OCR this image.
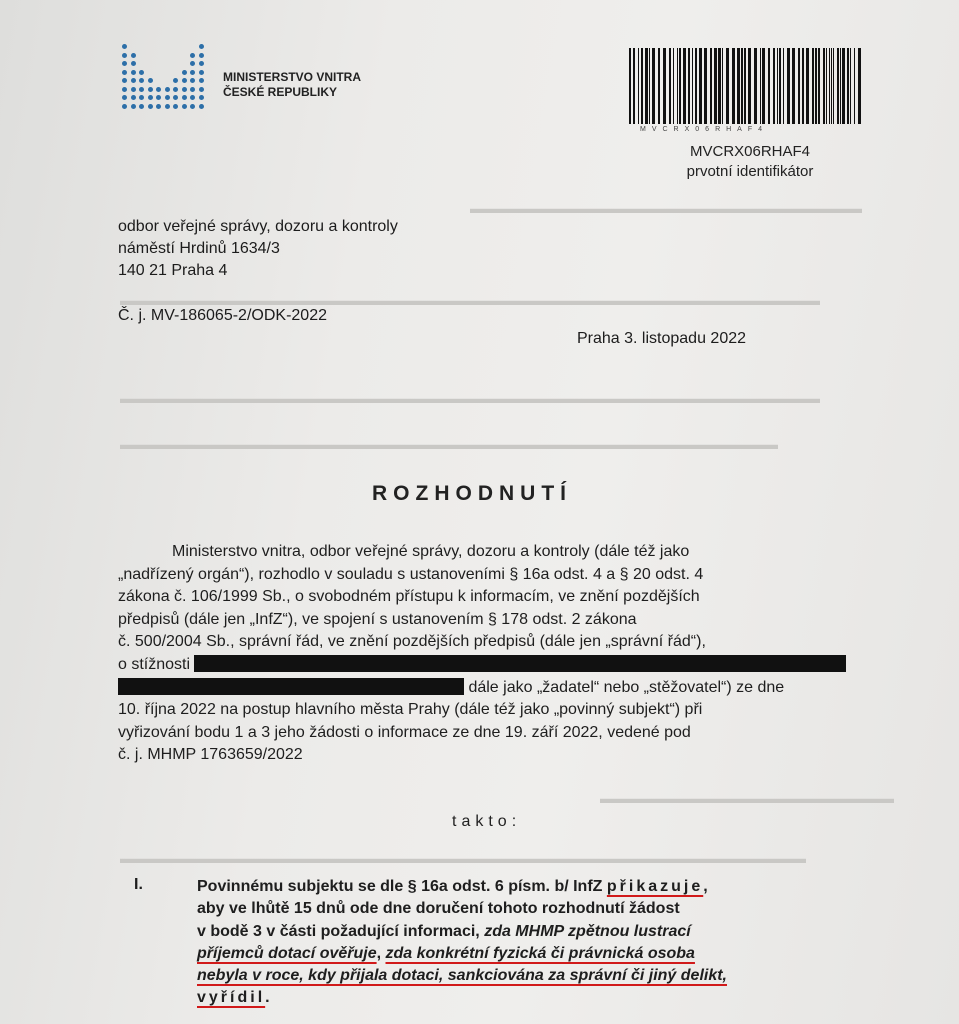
▬▬▬▬▬▬▬▬▬▬▬▬▬▬▬▬▬▬▬▬▬▬▬▬▬▬▬▬
▬▬▬▬▬▬▬▬▬▬▬▬▬▬▬▬▬▬▬▬▬▬▬▬▬▬▬▬▬▬▬▬▬▬▬▬▬▬▬▬▬▬▬▬▬▬▬▬▬▬
▬▬▬▬▬▬▬▬▬▬▬▬▬▬▬▬▬▬▬▬▬▬▬▬▬▬▬▬▬▬▬▬▬▬▬▬▬▬▬▬▬▬▬▬▬▬▬▬▬▬
▬▬▬▬▬▬▬▬▬▬▬▬▬▬▬▬▬▬▬▬▬▬▬▬▬▬▬▬▬▬▬▬▬▬▬▬▬▬▬▬▬▬▬▬▬▬▬
▬▬▬▬▬▬▬▬▬▬▬▬▬▬▬▬▬▬▬▬▬
▬▬▬▬▬▬▬▬▬▬▬▬▬▬▬▬▬▬▬▬▬▬▬▬▬▬▬▬▬▬▬▬▬▬▬▬▬▬▬▬▬▬▬▬▬▬▬▬▬
MINISTERSTVO VNITRA
ČESKÉ REPUBLIKY
MVCRX06RHAF4
MVCRX06RHAF4
prvotní identifikátor
odbor veřejné správy, dozoru a kontroly
náměstí Hrdinů 1634/3
140 21 Praha 4
Č. j. MV-186065-2/ODK-2022
Praha 3. listopadu 2022
ROZHODNUTÍ
Ministerstvo vnitra, odbor veřejné správy, dozoru a kontroly (dále též jako
„nadřízený orgán“), rozhodlo v souladu s ustanoveními § 16a odst. 4 a § 20 odst. 4
zákona č. 106/1999 Sb., o svobodném přístupu k informacím, ve znění pozdějších
předpisů (dále jen „InfZ“), ve spojení s ustanovením § 178 odst. 2 zákona
č. 500/2004 Sb., správní řád, ve znění pozdějších předpisů (dále jen „správní řád“),
o stížnosti
dále jako „žadatel“ nebo „stěžovatel“) ze dne
10. října 2022 na postup hlavního města Prahy (dále též jako „povinný subjekt“) při
vyřizování bodu 1 a 3 jeho žádosti o informace ze dne 19. září 2022, vedené pod
č. j. MHMP 1763659/2022
takto:
I.	Povinnému subjektu se dle § 16a odst. 6 písm. b/ InfZ přikazuje,
aby ve lhůtě 15 dnů ode dne doručení tohoto rozhodnutí žádost
v bodě 3 v části požadující informaci, zda MHMP zpětnou lustrací
příjemců dotací ověřuje, zda konkrétní fyzická či právnická osoba
nebyla v roce, kdy přijala dotaci, sankciována za správní či jiný delikt,
vyřídil.
